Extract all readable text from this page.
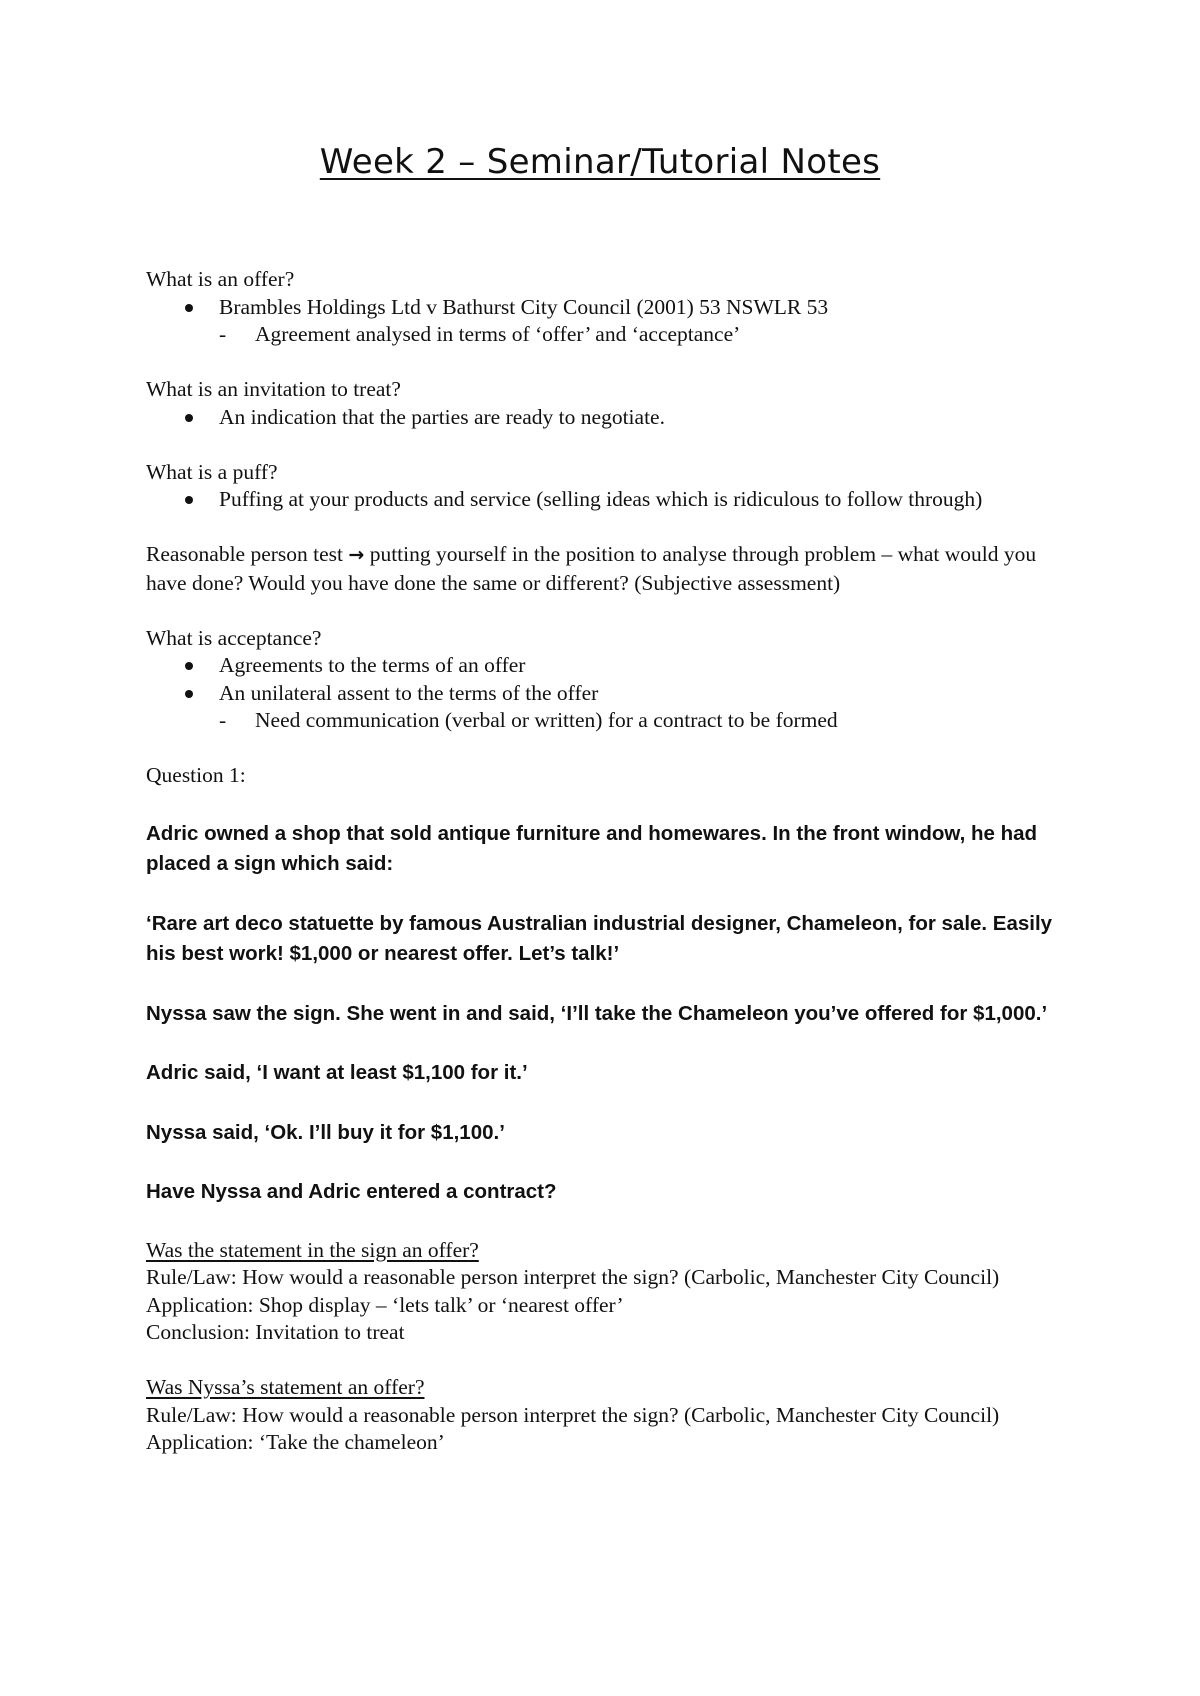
Week 2 – Seminar/Tutorial Notes

What is an offer?

Brambles Holdings Ltd v Bathurst City Council (2001) 53 NSWLR 53
- Agreement analysed in terms of ‘offer’ and ‘acceptance’

What is an invitation to treat?

An indication that the parties are ready to negotiate.

What is a puff?

Puffing at your products and service (selling ideas which is ridiculous to follow through)

Reasonable person test → putting yourself in the position to analyse through problem – what would you have done? Would you have done the same or different? (Subjective assessment)

What is acceptance?

Agreements to the terms of an offer
An unilateral assent to the terms of the offer
- Need communication (verbal or written) for a contract to be formed

Question 1:

Adric owned a shop that sold antique furniture and homewares. In the front window, he had placed a sign which said:

‘Rare art deco statuette by famous Australian industrial designer, Chameleon, for sale. Easily his best work! $1,000 or nearest offer. Let’s talk!’

Nyssa saw the sign. She went in and said, ‘I’ll take the Chameleon you’ve offered for $1,000.’

Adric said, ‘I want at least $1,100 for it.’

Nyssa said, ‘Ok. I’ll buy it for $1,100.’

Have Nyssa and Adric entered a contract?

Was the statement in the sign an offer?

Rule/Law: How would a reasonable person interpret the sign? (Carbolic, Manchester City Council)

Application: Shop display – ‘lets talk’ or ‘nearest offer’

Conclusion: Invitation to treat

Was Nyssa’s statement an offer?

Rule/Law: How would a reasonable person interpret the sign? (Carbolic, Manchester City Council)

Application: ‘Take the chameleon’
